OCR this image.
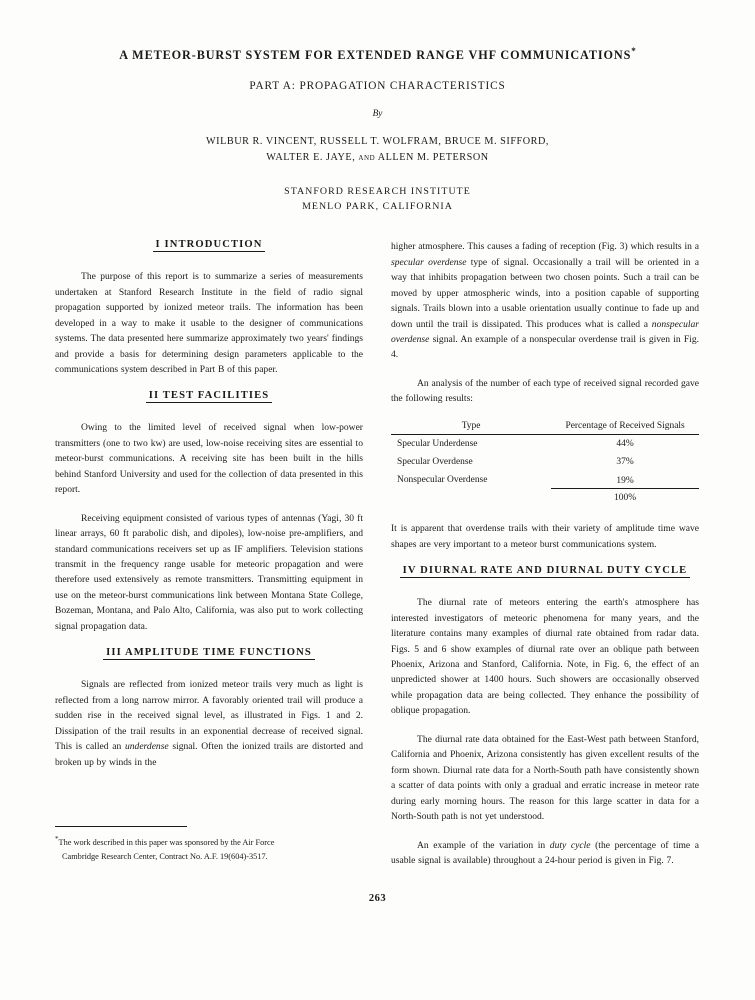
A METEOR-BURST SYSTEM FOR EXTENDED RANGE VHF COMMUNICATIONS*
PART A: PROPAGATION CHARACTERISTICS
By
WILBUR R. VINCENT, RUSSELL T. WOLFRAM, BRUCE M. SIFFORD,
WALTER E. JAYE, and ALLEN M. PETERSON
STANFORD RESEARCH INSTITUTE
MENLO PARK, CALIFORNIA
I INTRODUCTION

The purpose of this report is to summarize a series of measurements undertaken at Stanford Research Institute in the field of radio signal propagation supported by ionized meteor trails. The information has been developed in a way to make it usable to the designer of communications systems. The data presented here summarize approximately two years' findings and provide a basis for determining design parameters applicable to the communications system described in Part B of this paper.

II TEST FACILITIES

Owing to the limited level of received signal when low-power transmitters (one to two kw) are used, low-noise receiving sites are essential to meteor-burst communications. A receiving site has been built in the hills behind Stanford University and used for the collection of data presented in this report.

Receiving equipment consisted of various types of antennas (Yagi, 30 ft linear arrays, 60 ft parabolic dish, and dipoles), low-noise pre-amplifiers, and standard communications receivers set up as IF amplifiers. Television stations transmit in the frequency range usable for meteoric propagation and were therefore used extensively as remote transmitters. Transmitting equipment in use on the meteor-burst communications link between Montana State College, Bozeman, Montana, and Palo Alto, California, was also put to work collecting signal propagation data.

III AMPLITUDE TIME FUNCTIONS

Signals are reflected from ionized meteor trails very much as light is reflected from a long narrow mirror. A favorably oriented trail will produce a sudden rise in the received signal level, as illustrated in Figs. 1 and 2. Dissipation of the trail results in an exponential decrease of received signal. This is called an underdense signal. Often the ionized trails are distorted and broken up by winds in the

higher atmosphere. This causes a fading of reception (Fig. 3) which results in a specular overdense type of signal. Occasionally a trail will be oriented in a way that inhibits propagation between two chosen points. Such a trail can be moved by upper atmospheric winds, into a position capable of supporting signals. Trails blown into a usable orientation usually continue to fade up and down until the trail is dissipated. This produces what is called a nonspecular overdense signal. An example of a nonspecular overdense trail is given in Fig. 4.

An analysis of the number of each type of received signal recorded gave the following results:

Type	Percentage of Received Signals
Specular Underdense	44%
Specular Overdense	37%
Nonspecular Overdense	19%
	100%

It is apparent that overdense trails with their variety of amplitude time wave shapes are very important to a meteor burst communications system.

IV DIURNAL RATE AND DIURNAL DUTY CYCLE

The diurnal rate of meteors entering the earth's atmosphere has interested investigators of meteoric phenomena for many years, and the literature contains many examples of diurnal rate obtained from radar data. Figs. 5 and 6 show examples of diurnal rate over an oblique path between Phoenix, Arizona and Stanford, California. Note, in Fig. 6, the effect of an unpredicted shower at 1400 hours. Such showers are occasionally observed while propagation data are being collected. They enhance the possibility of oblique propagation.

The diurnal rate data obtained for the East-West path between Stanford, California and Phoenix, Arizona consistently has given excellent results of the form shown. Diurnal rate data for a North-South path have consistently shown a scatter of data points with only a gradual and erratic increase in meteor rate during early morning hours. The reason for this large scatter in data for a North-South path is not yet understood.

An example of the variation in duty cycle (the percentage of time a usable signal is available) throughout a 24-hour period is given in Fig. 7.

*The work described in this paper was sponsored by the Air Force
Cambridge Research Center, Contract No. A.F. 19(604)-3517.

263
